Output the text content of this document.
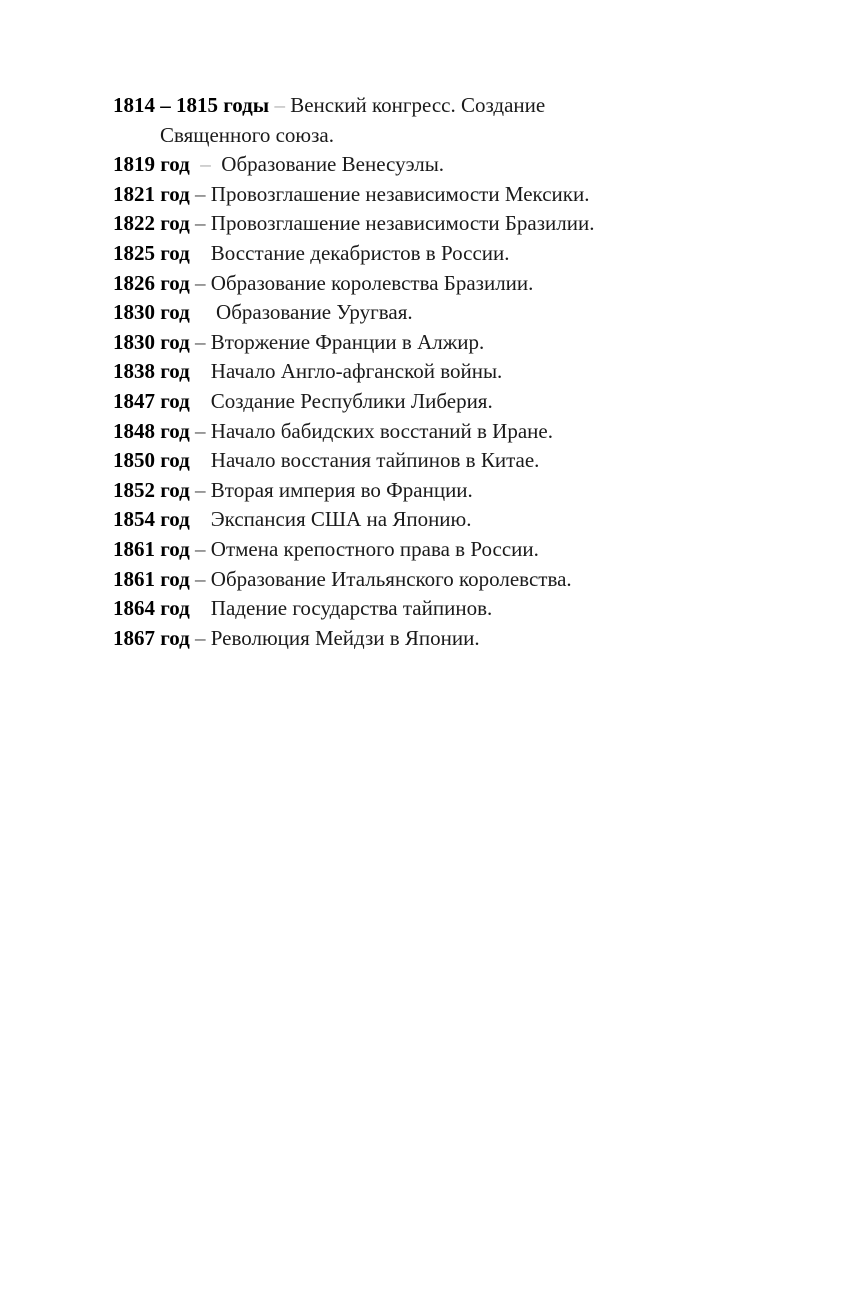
1814 – 1815 годы – Венский конгресс. Создание
Священного союза.
1819 год  –  Образование Венесуэлы.
1821 год – Провозглашение независимости Мексики.
1822 год – Провозглашение независимости Бразилии.
1825 год Восстание декабристов в России.
1826 год – Образование королевства Бразилии.
1830 год Образование Уругвая.
1830 год – Вторжение Франции в Алжир.
1838 год Начало Англо-афганской войны.
1847 год Создание Республики Либерия.
1848 год – Начало бабидских восстаний в Иране.
1850 год Начало восстания тайпинов в Китае.
1852 год – Вторая империя во Франции.
1854 год Экспансия США на Японию.
1861 год – Отмена крепостного права в России.
1861 год – Образование Итальянского королевства.
1864 год Падение государства тайпинов.
1867 год – Революция Мейдзи в Японии.
